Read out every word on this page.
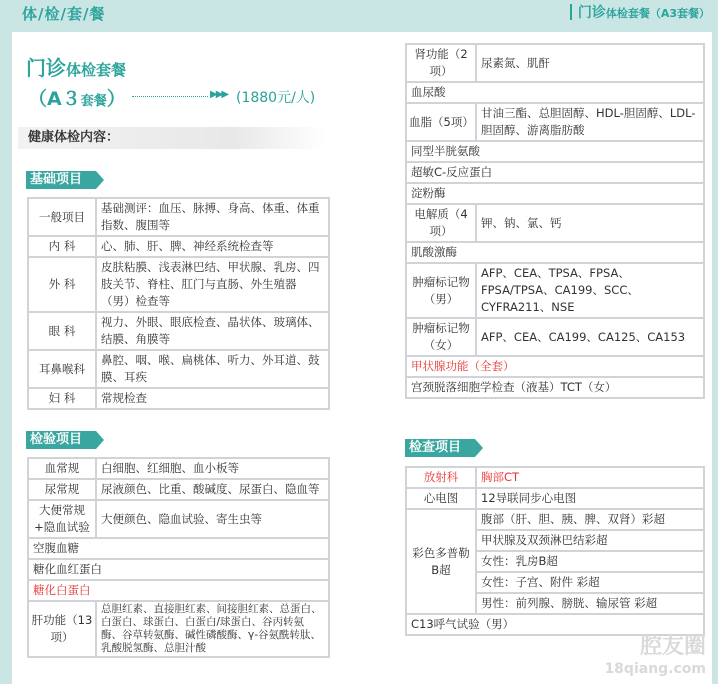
体/检/套/餐	门诊体检套餐（A3套餐）
门诊体检套餐
（A３套餐）	▶▶▶ (1880元/人)
健康体检内容：
基础项目
一般项目	基础测评：血压、脉搏、身高、体重、体重指数、腹围等
内 科	心、肺、肝、脾、神经系统检查等
外 科	皮肤粘膜、浅表淋巴结、甲状腺、乳房、四肢关节、脊柱、肛门与直肠、外生殖器（男）检查等
眼 科	视力、外眼、眼底检查、晶状体、玻璃体、结膜、角膜等
耳鼻喉科	鼻腔、咽、喉、扁桃体、听力、外耳道、鼓膜、耳疾
妇 科	常规检查
检验项目
血常规	白细胞、红细胞、血小板等
尿常规	尿液颜色、比重、酸碱度、尿蛋白、隐血等
大便常规+隐血试验	大便颜色、隐血试验、寄生虫等
空腹血糖	
糖化血红蛋白	
糖化白蛋白	
肝功能（13项）	总胆红素、直接胆红素、间接胆红素、总蛋白、白蛋白、球蛋白、白蛋白/球蛋白、谷丙转氨酶、谷草转氨酶、碱性磷酸酶、γ-谷氨酰转肽、乳酸脱氢酶、总胆汁酸
肾功能（2项）	尿素氮、肌酐
血尿酸	
血脂（5项）	甘油三酯、总胆固醇、HDL-胆固醇、LDL-胆固醇、游离脂肪酸
同型半胱氨酸	
超敏C-反应蛋白	
淀粉酶	
电解质（4项）	钾、钠、氯、钙
肌酸激酶	
肿瘤标记物（男）	AFP、CEA、TPSA、FPSA、FPSA/TPSA、CA199、SCC、CYFRA211、NSE
肿瘤标记物（女）	AFP、CEA、CA199、CA125、CA153
甲状腺功能（全套）	
宫颈脱落细胞学检查（液基）TCT（女）	
检查项目
放射科	胸部CT
心电图	12导联同步心电图
彩色多普勒B超	腹部（肝、胆、胰、脾、双肾）彩超
	甲状腺及双颈淋巴结彩超
	女性：乳房B超
	女性：子宫、附件 彩超
	男性：前列腺、膀胱、输尿管 彩超
C13呼气试验（男）	
腔友圈
18qiang.com
